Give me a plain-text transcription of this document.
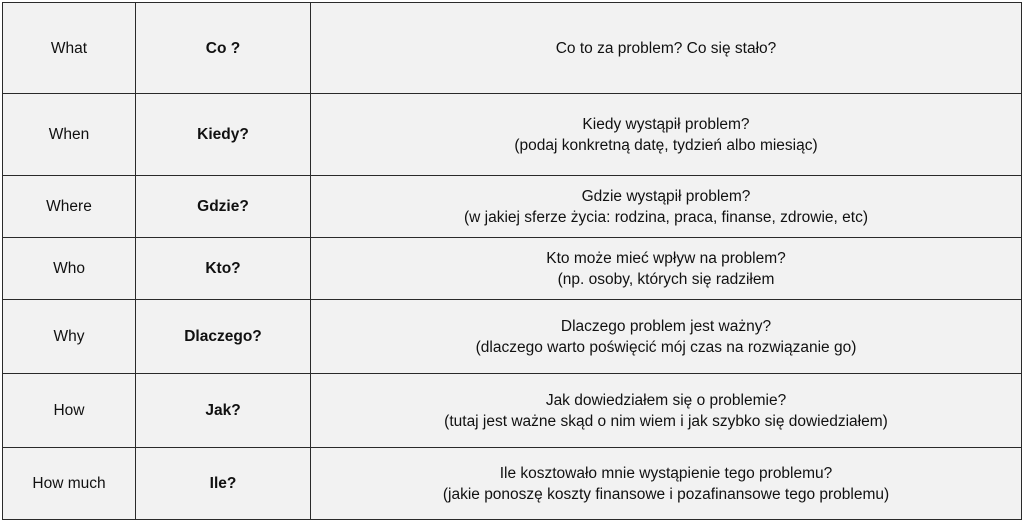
What	Co ?	Co to za problem? Co się stało?

When	Kiedy?	Kiedy wystąpił problem?
(podaj konkretną datę, tydzień albo miesiąc)

Where	Gdzie?	Gdzie wystąpił problem?
(w jakiej sferze życia: rodzina, praca, finanse, zdrowie, etc)

Who	Kto?	Kto może mieć wpływ na problem?
(np. osoby, których się radziłem

Why	Dlaczego?	Dlaczego problem jest ważny?
(dlaczego warto poświęcić mój czas na rozwiązanie go)

How	Jak?	Jak dowiedziałem się o problemie?
(tutaj jest ważne skąd o nim wiem i jak szybko się dowiedziałem)

How much	Ile?	Ile kosztowało mnie wystąpienie tego problemu?
(jakie ponoszę koszty finansowe i pozafinansowe tego problemu)
